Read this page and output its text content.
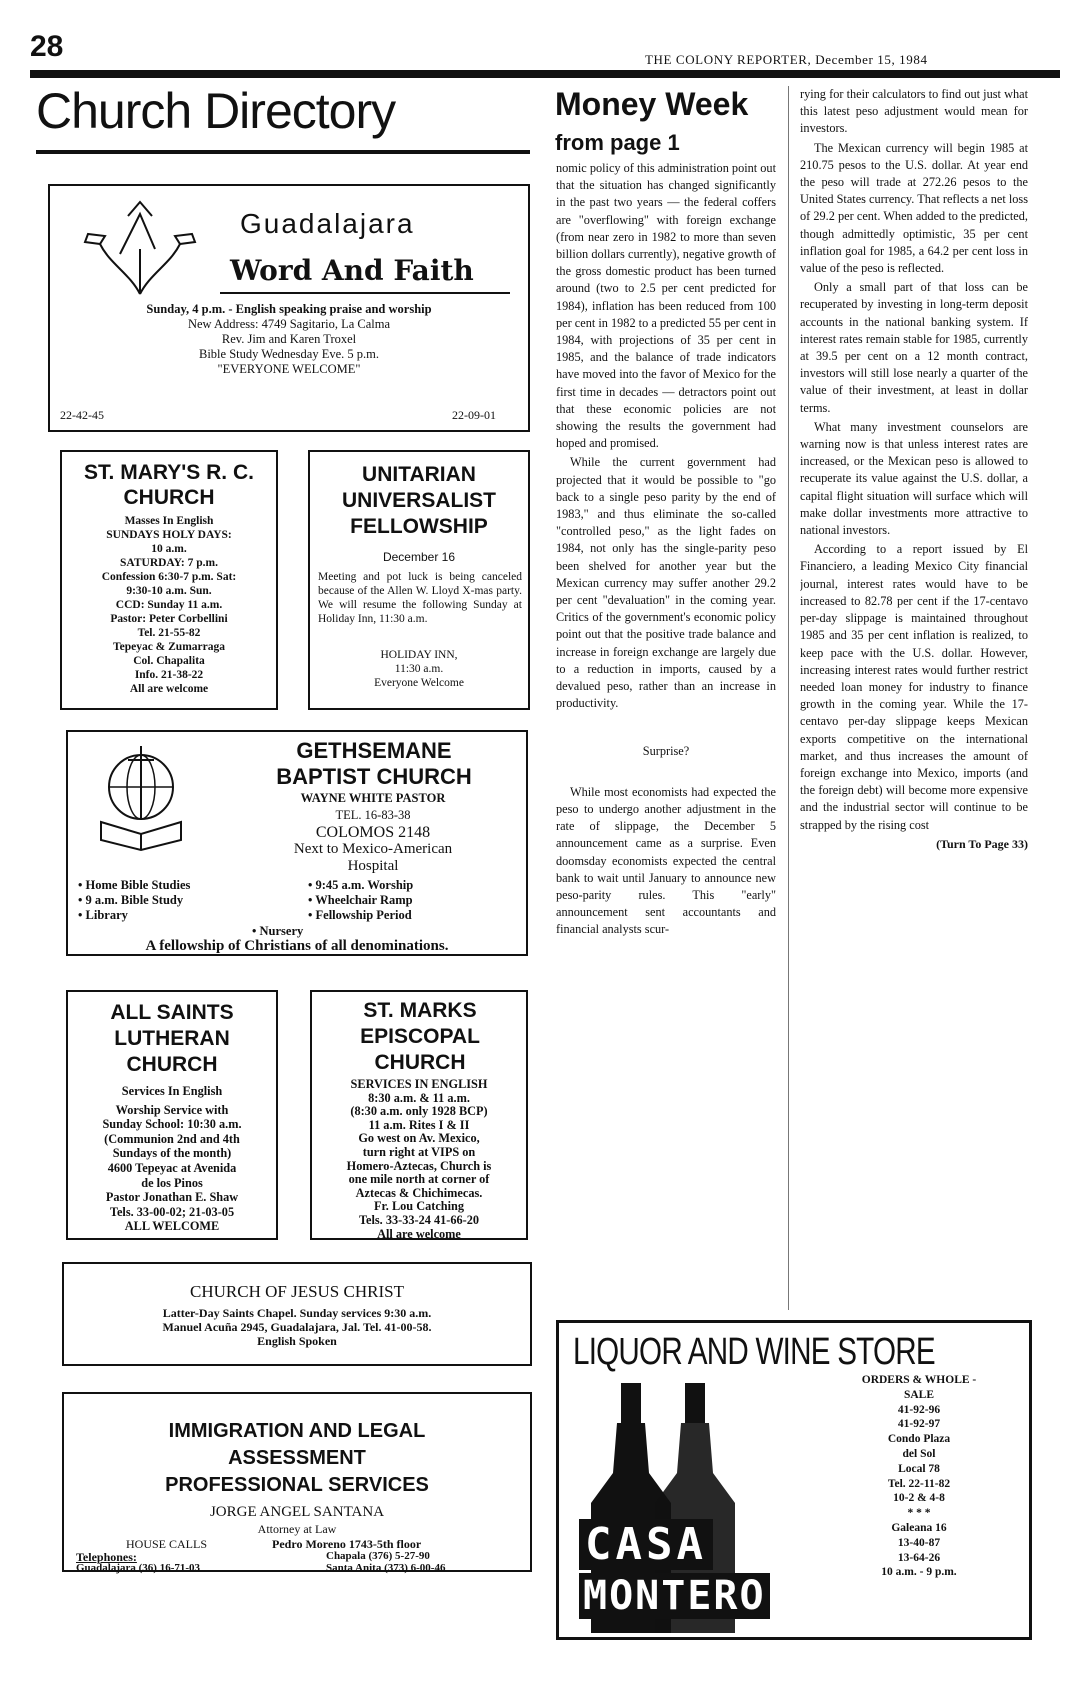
28	THE COLONY REPORTER, December 15, 1984
Church Directory
Guadalajara
Word And Faith
Sunday, 4 p.m. - English speaking praise and worship
New Address: 4749 Sagitario, La Calma
Rev. Jim and Karen Troxel
Bible Study Wednesday Eve. 5 p.m.
"EVERYONE WELCOME"
22-42-45	22-09-01
ST. MARY'S R. C. CHURCH
Masses In English
SUNDAYS HOLY DAYS:
10 a.m.
SATURDAY: 7 p.m.
Confession 6:30-7 p.m. Sat:
9:30-10 a.m. Sun.
CCD: Sunday 11 a.m.
Pastor: Peter Corbellini
Tel. 21-55-82
Tepeyac & Zumarraga
Col. Chapalita
Info. 21-38-22
All are welcome
UNITARIAN UNIVERSALIST FELLOWSHIP
December 16
Meeting and pot luck is being canceled because of the Allen W. Lloyd X-mas party. We will resume the following Sunday at Holiday Inn, 11:30 a.m.
HOLIDAY INN,
11:30 a.m.
Everyone Welcome
GETHSEMANE BAPTIST CHURCH
WAYNE WHITE PASTOR
TEL. 16-83-38
COLOMOS 2148
Next to Mexico-American
Hospital
• Home Bible Studies
• 9 a.m. Bible Study
• Library
• 9:45 a.m. Worship
• Wheelchair Ramp
• Fellowship Period
• Nursery
A fellowship of Christians of all denominations.
ALL SAINTS LUTHERAN CHURCH
Services In English
Worship Service with
Sunday School: 10:30 a.m.
(Communion 2nd and 4th
Sundays of the month)
4600 Tepeyac at Avenida
de los Pinos
Pastor Jonathan E. Shaw
Tels. 33-00-02; 21-03-05
ALL WELCOME
ST. MARKS EPISCOPAL CHURCH
SERVICES IN ENGLISH
8:30 a.m. & 11 a.m.
(8:30 a.m. only 1928 BCP)
11 a.m. Rites I & II
Go west on Av. Mexico,
turn right at VIPS on
Homero-Aztecas, Church is
one mile north at corner of
Aztecas & Chichimecas.
Fr. Lou Catching
Tels. 33-33-24 41-66-20
All are welcome
CHURCH OF JESUS CHRIST
Latter-Day Saints Chapel. Sunday services 9:30 a.m.
Manuel Acuña 2945, Guadalajara, Jal. Tel. 41-00-58.
English Spoken
IMMIGRATION AND LEGAL
ASSESSMENT
PROFESSIONAL SERVICES
JORGE ANGEL SANTANA
Attorney at Law
HOUSE CALLS	Pedro Moreno 1743-5th floor
Telephones:
Guadalajara (36) 16-71-03
Chapala (376) 5-27-90
Santa Anita (373) 6-00-46
Money Week
from page 1

nomic policy of this administration point out that the situation has changed significantly in the past two years — the federal coffers are "overflowing" with foreign exchange (from near zero in 1982 to more than seven billion dollars currently), negative growth of the gross domestic product has been turned around (two to 2.5 per cent predicted for 1984), inflation has been reduced from 100 per cent in 1982 to a predicted 55 per cent in 1984, with projections of 35 per cent in 1985, and the balance of trade indicators have moved into the favor of Mexico for the first time in decades — detractors point out that these economic policies are not showing the results the government had hoped and promised.

While the current government had projected that it would be possible to "go back to a single peso parity by the end of 1983," and thus eliminate the so-called "controlled peso," as the light fades on 1984, not only has the single-parity peso been shelved for another year but the Mexican currency may suffer another 29.2 per cent "devaluation" in the coming year. Critics of the government's economic policy point out that the positive trade balance and increase in foreign exchange are largely due to a reduction in imports, caused by a devalued peso, rather than an increase in productivity.

Surprise?

While most economists had expected the peso to undergo another adjustment in the rate of slippage, the December 5 announcement came as a surprise. Even doomsday economists expected the central bank to wait until January to announce new peso-parity rules. This "early" announcement sent accountants and financial analysts scur-

rying for their calculators to find out just what this latest peso adjustment would mean for investors.

The Mexican currency will begin 1985 at 210.75 pesos to the U.S. dollar. At year end the peso will trade at 272.26 pesos to the United States currency. That reflects a net loss of 29.2 per cent. When added to the predicted, though admittedly optimistic, 35 per cent inflation goal for 1985, a 64.2 per cent loss in value of the peso is reflected.

Only a small part of that loss can be recuperated by investing in long-term deposit accounts in the national banking system. If interest rates remain stable for 1985, currently at 39.5 per cent on a 12 month contract, investors will still lose nearly a quarter of the value of their investment, at least in dollar terms.

What many investment counselors are warning now is that unless interest rates are increased, or the Mexican peso is allowed to recuperate its value against the U.S. dollar, a capital flight situation will surface which will make dollar investments more attractive to national investors.

According to a report issued by El Financiero, a leading Mexico City financial journal, interest rates would have to be increased to 82.78 per cent if the 17-centavo per-day slippage is maintained throughout 1985 and 35 per cent inflation is realized, to keep pace with the U.S. dollar. However, increasing interest rates would further restrict needed loan money for industry to finance growth in the coming year. While the 17-centavo per-day slippage keeps Mexican exports competitive on the international market, and thus increases the amount of foreign exchange into Mexico, imports (and the foreign debt) will become more expensive and the industrial sector will continue to be strapped by the rising cost

(Turn To Page 33)
LIQUOR AND WINE STORE
CASA
MONTERO
ORDERS & WHOLE -
SALE
41-92-96
41-92-97
Condo Plaza
del Sol
Local 78
Tel. 22-11-82
10-2 & 4-8
* * *
Galeana 16
13-40-87
13-64-26
10 a.m. - 9 p.m.
